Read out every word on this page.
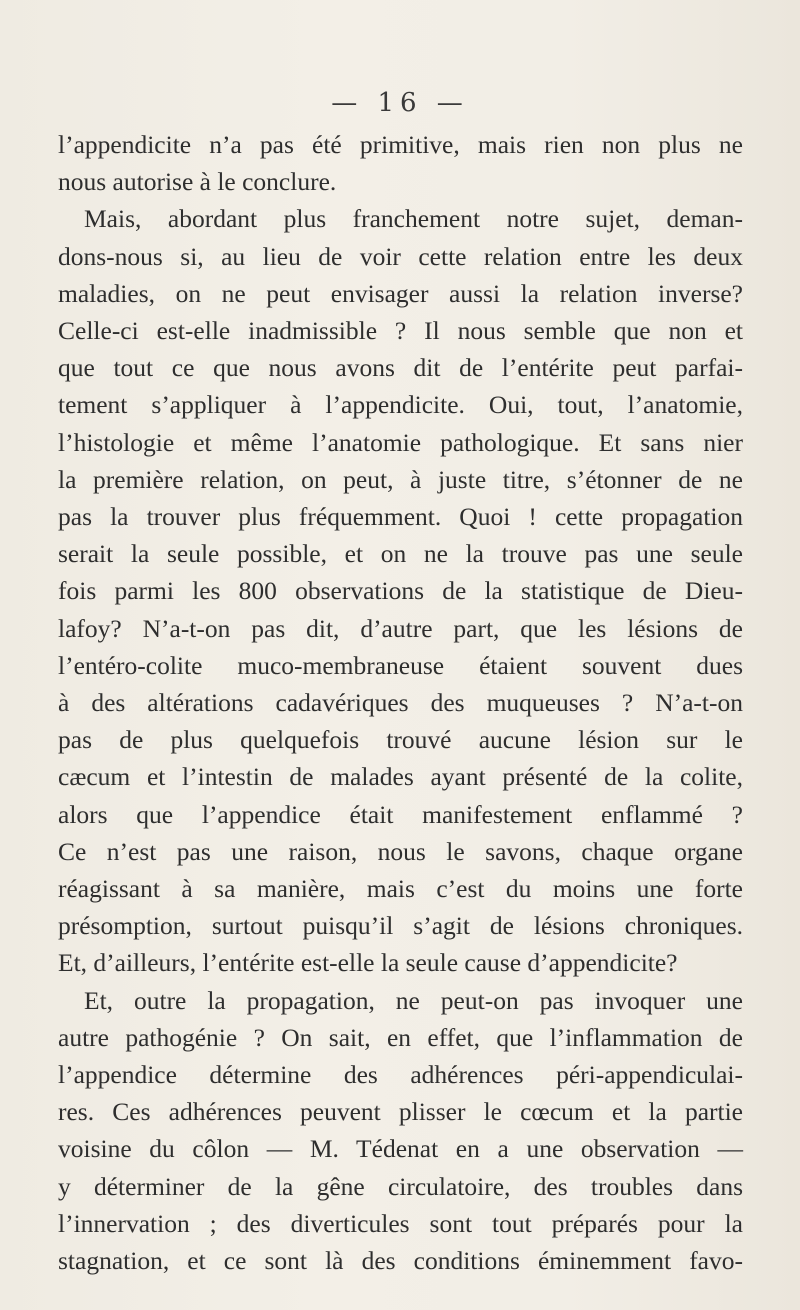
— 16 —
l’appendicite n’a pas été primitive, mais rien non plus ne
nous autorise à le conclure.
Mais, abordant plus franchement notre sujet, deman-
dons-nous si, au lieu de voir cette relation entre les deux
maladies, on ne peut envisager aussi la relation inverse?
Celle-ci est-elle inadmissible ? Il nous semble que non et
que tout ce que nous avons dit de l’entérite peut parfai-
tement s’appliquer à l’appendicite. Oui, tout, l’anatomie,
l’histologie et même l’anatomie pathologique. Et sans nier
la première relation, on peut, à juste titre, s’étonner de ne
pas la trouver plus fréquemment. Quoi ! cette propagation
serait la seule possible, et on ne la trouve pas une seule
fois parmi les 800 observations de la statistique de Dieu-
lafoy? N’a-t-on pas dit, d’autre part, que les lésions de
l’entéro-colite muco-membraneuse étaient souvent dues
à des altérations cadavériques des muqueuses ? N’a-t-on
pas de plus quelquefois trouvé aucune lésion sur le
cæcum et l’intestin de malades ayant présenté de la colite,
alors que l’appendice était manifestement enflammé ?
Ce n’est pas une raison, nous le savons, chaque organe
réagissant à sa manière, mais c’est du moins une forte
présomption, surtout puisqu’il s’agit de lésions chroniques.
Et, d’ailleurs, l’entérite est-elle la seule cause d’appendicite?
Et, outre la propagation, ne peut-on pas invoquer une
autre pathogénie ? On sait, en effet, que l’inflammation de
l’appendice détermine des adhérences péri-appendiculai-
res. Ces adhérences peuvent plisser le cœcum et la partie
voisine du côlon — M. Tédenat en a une observation —
y déterminer de la gêne circulatoire, des troubles dans
l’innervation ; des diverticules sont tout préparés pour la
stagnation, et ce sont là des conditions éminemment favo-
